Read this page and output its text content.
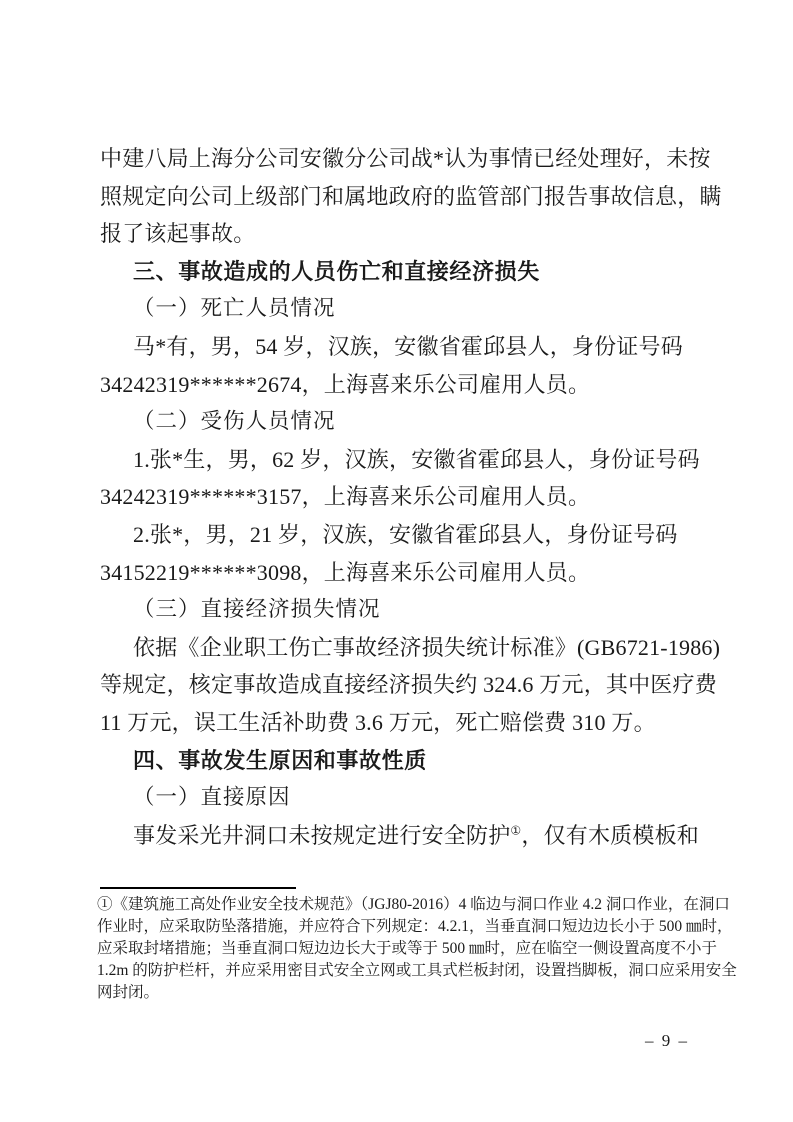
中建八局上海分公司安徽分公司战*认为事情已经处理好，未按
照规定向公司上级部门和属地政府的监管部门报告事故信息，瞒
报了该起事故。
三、事故造成的人员伤亡和直接经济损失
（一）死亡人员情况
马*有，男，54 岁，汉族，安徽省霍邱县人，身份证号码
34242319******2674，上海喜来乐公司雇用人员。
（二）受伤人员情况
1.张*生，男，62 岁，汉族，安徽省霍邱县人，身份证号码
34242319******3157，上海喜来乐公司雇用人员。
2.张*，男，21 岁，汉族，安徽省霍邱县人，身份证号码
34152219******3098，上海喜来乐公司雇用人员。
（三）直接经济损失情况
依据《企业职工伤亡事故经济损失统计标准》(GB6721-1986)
等规定，核定事故造成直接经济损失约 324.6 万元，其中医疗费
11 万元，误工生活补助费 3.6 万元，死亡赔偿费 310 万。
四、事故发生原因和事故性质
（一）直接原因
事发采光井洞口未按规定进行安全防护①，仅有木质模板和
①《建筑施工高处作业安全技术规范》（JGJ80-2016）4 临边与洞口作业 4.2 洞口作业，在洞口
作业时，应采取防坠落措施，并应符合下列规定：4.2.1，当垂直洞口短边边长小于 500 ㎜时，
应采取封堵措施；当垂直洞口短边边长大于或等于 500 ㎜时，应在临空一侧设置高度不小于
1.2m 的防护栏杆，并应采用密目式安全立网或工具式栏板封闭，设置挡脚板，洞口应采用安全
网封闭。
– 9 –
